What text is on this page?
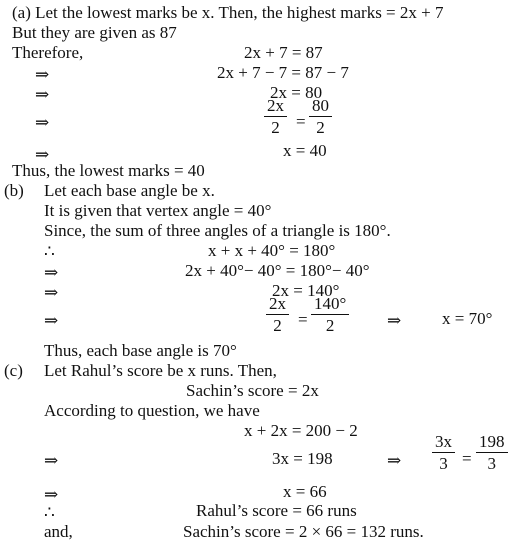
(a) Let the lowest marks be x. Then, the highest marks = 2x + 7
But they are given as 87
Therefore,	2x + 7 = 87
⇒	2x + 7 − 7 = 87 − 7
⇒	2x = 80
⇒	$\frac{2x}{2} = \frac{80}{2}$
⇒	x = 40
Thus, the lowest marks = 40
(b) Let each base angle be x.
It is given that vertex angle = 40°
Since, the sum of three angles of a triangle is 180°.
∴	x + x + 40° = 180°
⇒	2x + 40°− 40° = 180°− 40°
⇒	2x = 140°
⇒	$\frac{2x}{2} = \frac{140^\circ}{2}$ ⇒ x = 70°
Thus, each base angle is 70°
(c) Let Rahul’s score be x runs. Then,
Sachin’s score = 2x
According to question, we have
x + 2x = 200 − 2
⇒	3x = 198	⇒ $\frac{3x}{3} = \frac{198}{3}$
⇒	x = 66
∴	Rahul’s score = 66 runs
and,	Sachin’s score = 2 × 66 = 132 runs.
